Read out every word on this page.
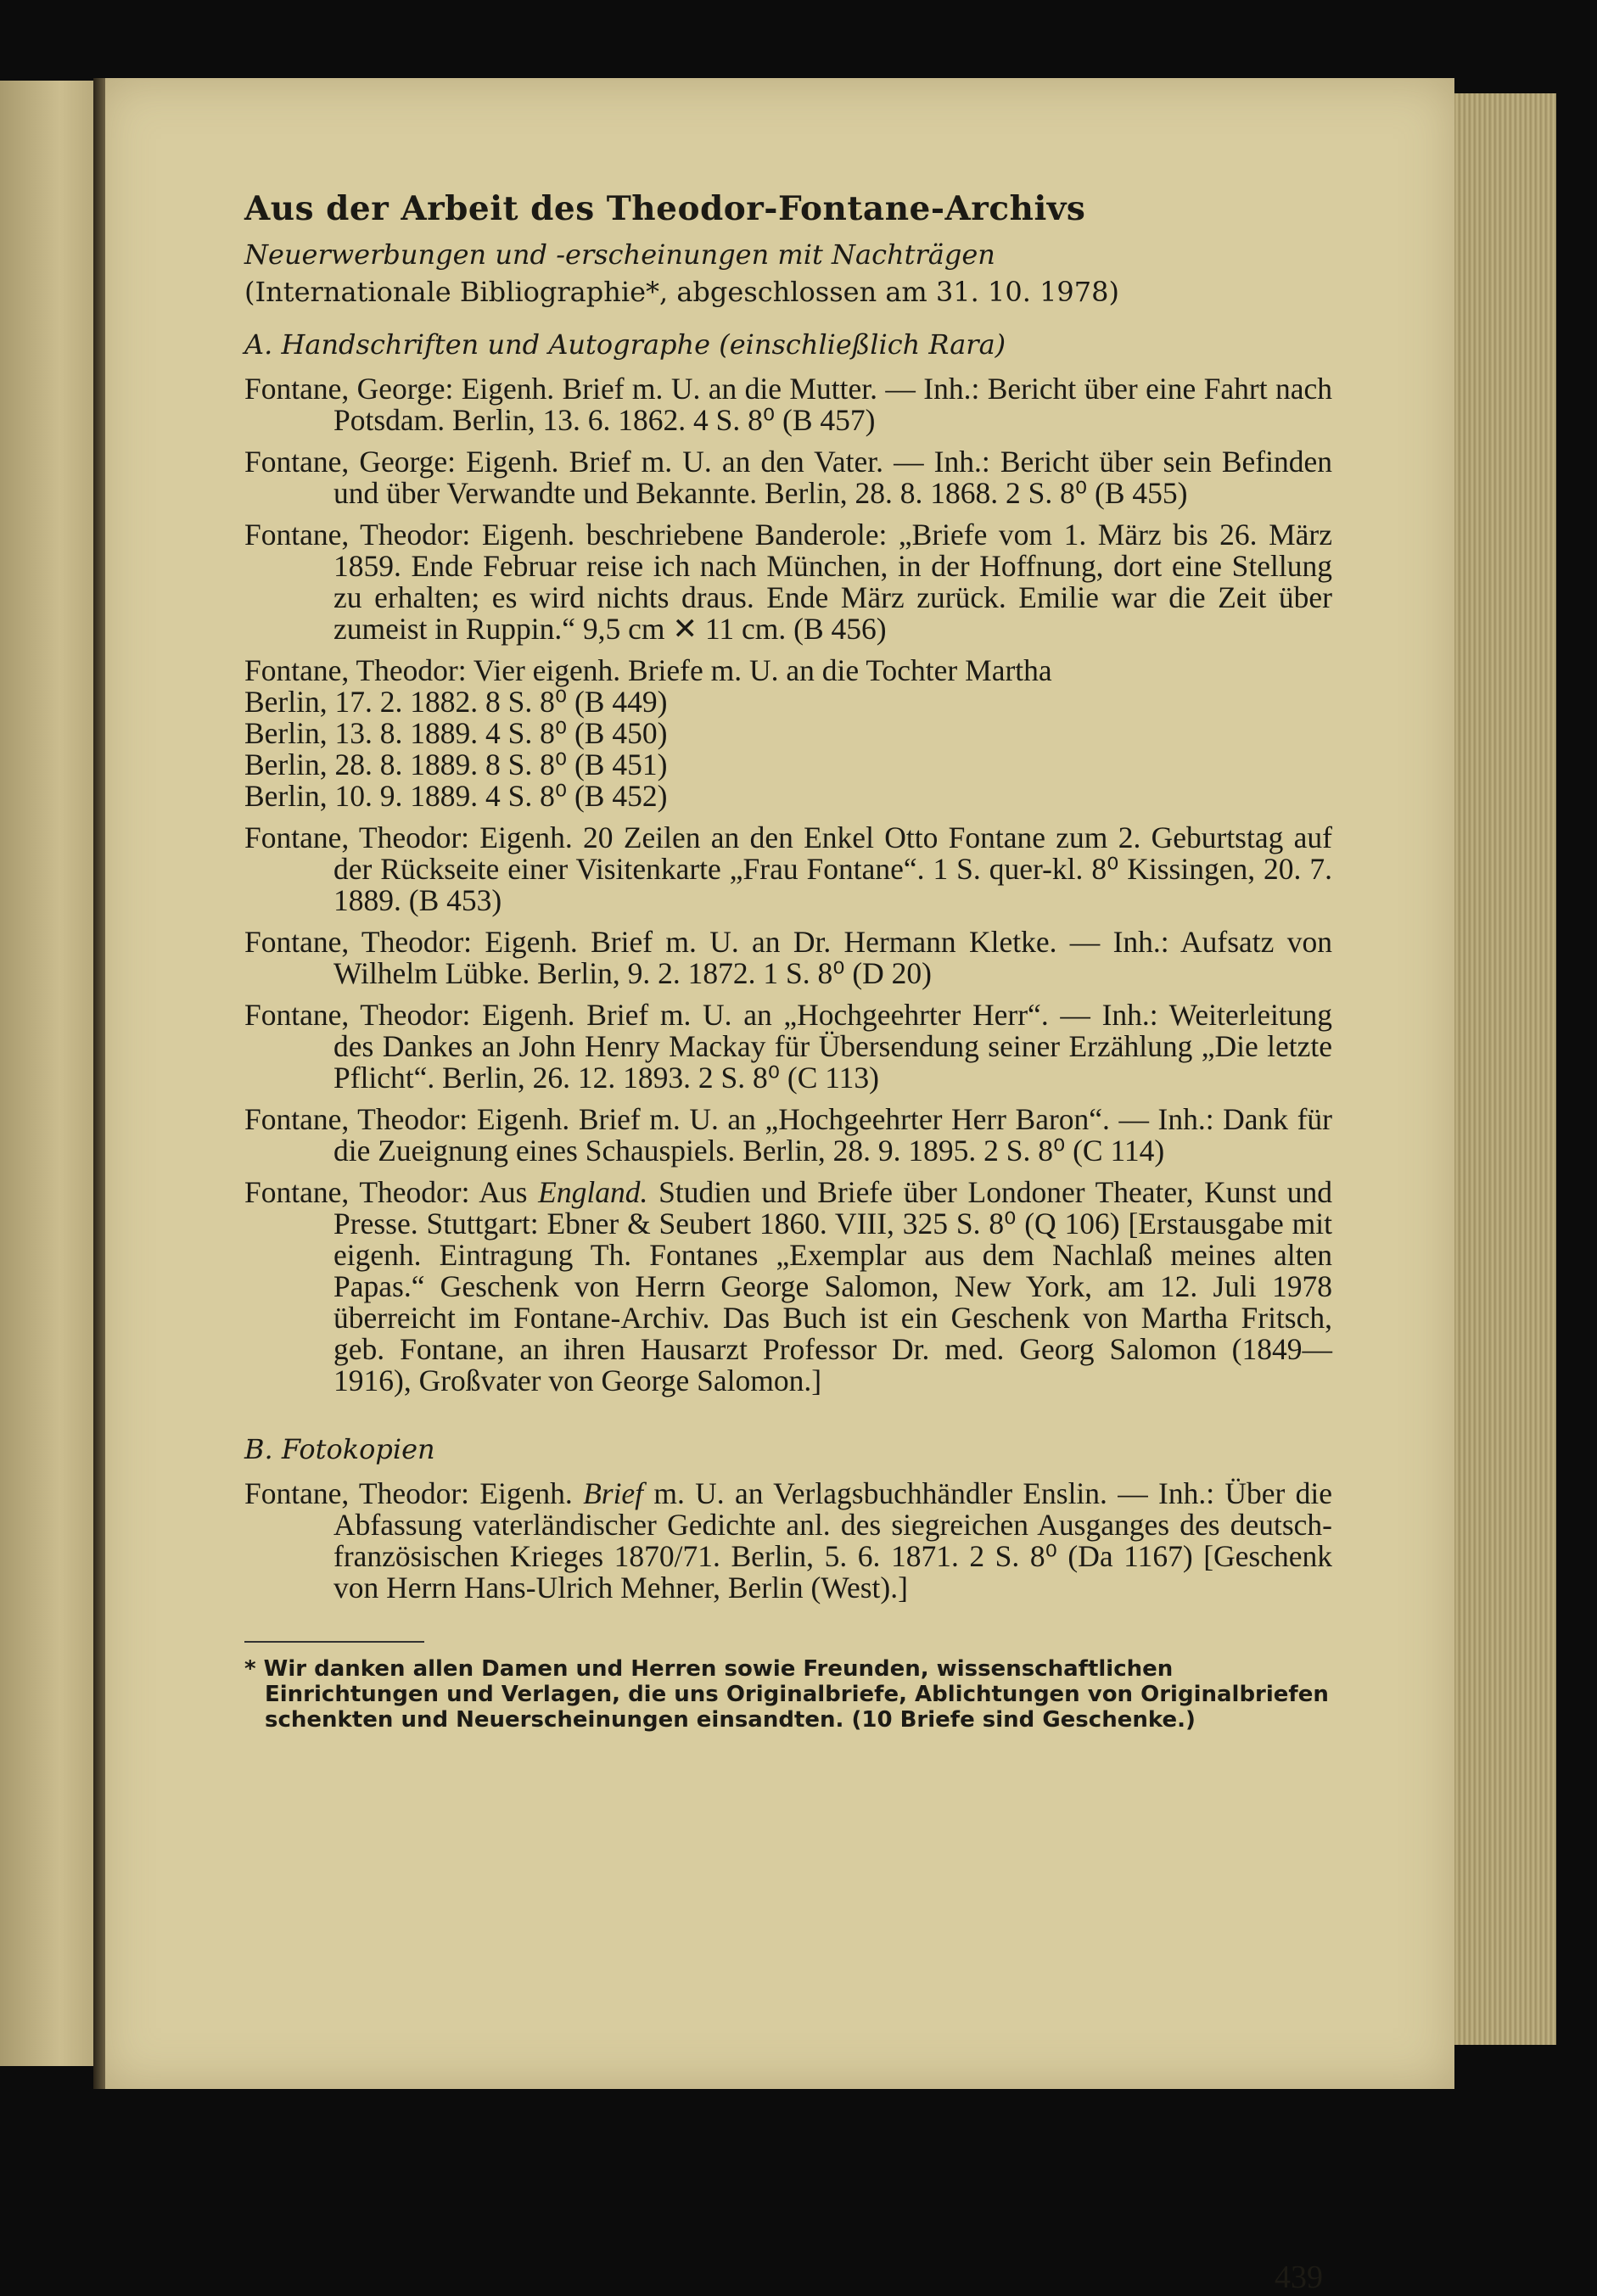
Aus der Arbeit des Theodor-Fontane-Archivs
Neuerwerbungen und -erscheinungen mit Nachträgen
(Internationale Bibliographie*, abgeschlossen am 31. 10. 1978)
A. Handschriften und Autographe (einschließlich Rara)
Fontane, George: Eigenh. Brief m. U. an die Mutter. — Inh.: Bericht über eine Fahrt nach Potsdam. Berlin, 13. 6. 1862. 4 S. 8⁰ (B 457)
Fontane, George: Eigenh. Brief m. U. an den Vater. — Inh.: Bericht über sein Befinden und über Verwandte und Bekannte. Berlin, 28. 8. 1868. 2 S. 8⁰ (B 455)
Fontane, Theodor: Eigenh. beschriebene Banderole: „Briefe vom 1. März bis 26. März 1859. Ende Februar reise ich nach München, in der Hoffnung, dort eine Stellung zu erhalten; es wird nichts draus. Ende März zurück. Emilie war die Zeit über zumeist in Ruppin.“ 9,5 cm ✕ 11 cm. (B 456)
Fontane, Theodor: Vier eigenh. Briefe m. U. an die Tochter Martha
Berlin, 17. 2. 1882. 8 S. 8⁰ (B 449)
Berlin, 13. 8. 1889. 4 S. 8⁰ (B 450)
Berlin, 28. 8. 1889. 8 S. 8⁰ (B 451)
Berlin, 10. 9. 1889. 4 S. 8⁰ (B 452)
Fontane, Theodor: Eigenh. 20 Zeilen an den Enkel Otto Fontane zum 2. Geburtstag auf der Rückseite einer Visitenkarte „Frau Fontane“. 1 S. quer-kl. 8⁰ Kissingen, 20. 7. 1889. (B 453)
Fontane, Theodor: Eigenh. Brief m. U. an Dr. Hermann Kletke. — Inh.: Aufsatz von Wilhelm Lübke. Berlin, 9. 2. 1872. 1 S. 8⁰ (D 20)
Fontane, Theodor: Eigenh. Brief m. U. an „Hochgeehrter Herr“. — Inh.: Weiterleitung des Dankes an John Henry Mackay für Übersendung seiner Erzählung „Die letzte Pflicht“. Berlin, 26. 12. 1893. 2 S. 8⁰ (C 113)
Fontane, Theodor: Eigenh. Brief m. U. an „Hochgeehrter Herr Baron“. — Inh.: Dank für die Zueignung eines Schauspiels. Berlin, 28. 9. 1895. 2 S. 8⁰ (C 114)
Fontane, Theodor: Aus England. Studien und Briefe über Londoner Theater, Kunst und Presse. Stuttgart: Ebner & Seubert 1860. VIII, 325 S. 8⁰ (Q 106) [Erstausgabe mit eigenh. Eintragung Th. Fontanes „Exemplar aus dem Nachlaß meines alten Papas.“ Geschenk von Herrn George Salomon, New York, am 12. Juli 1978 überreicht im Fontane-Archiv. Das Buch ist ein Geschenk von Martha Fritsch, geb. Fontane, an ihren Hausarzt Professor Dr. med. Georg Salomon (1849—1916), Großvater von George Salomon.]
B. Fotokopien
Fontane, Theodor: Eigenh. Brief m. U. an Verlagsbuchhändler Enslin. — Inh.: Über die Abfassung vaterländischer Gedichte anl. des siegreichen Ausganges des deutsch-französischen Krieges 1870/71. Berlin, 5. 6. 1871. 2 S. 8⁰ (Da 1167) [Geschenk von Herrn Hans-Ulrich Mehner, Berlin (West).]
* Wir danken allen Damen und Herren sowie Freunden, wissenschaftlichen Einrichtungen und Verlagen, die uns Originalbriefe, Ablichtungen von Originalbriefen schenkten und Neuerscheinungen einsandten. (10 Briefe sind Geschenke.)
439
